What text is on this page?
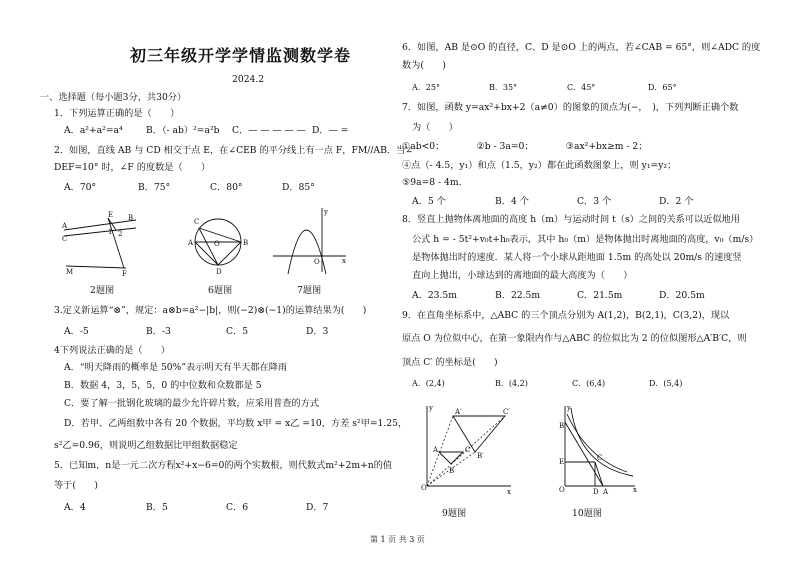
初三年级开学学情监测数学卷
2024.2
一、选择题（每小题3分，共30分）
1．下列运算正确的是（　　）
A．a²+a²=a⁴	B．（- ab）²=a²b C．— — — — — D．— =
2．如图，直线 AB 与 CD 相交于点 E，在∠CEB 的平分线上有一点 F，FM//AB．当∠
DEF=10° 时，∠F 的度数是（　　）
A．70°	B．75°	C．80°	D．85°
A
C
E
1 2
B
M	F
2题图
C
A	O	B
D
6题图
O	x
y
7题图
3.定义新运算“⊗”，规定：a⊗b=a²−|b|，则(−2)⊗(−1)的运算结果为(　　)
A．-5	B．-3	C．5	D．3
4下列说法正确的是（　　）
A．“明天降雨的概率是 50%”表示明天有半天都在降雨
B．数据 4，3，5，5，0 的中位数和众数都是 5
C．要了解一批钢化玻璃的最少允许碎片数，应采用普查的方式
D．若甲、乙两组数中各有 20 个数据，平均数 x甲 = x乙 =10，方差 s²甲=1.25，
s²乙=0.96，则说明乙组数据比甲组数据稳定
5．已知m，n是一元二次方程x²+x−6=0的两个实数根，则代数式m²+2m+n的值
等于(　　)
A．4	B．5	C．6	D．7
6．如图，AB 是⊙O 的直径，C、D 是⊙O 上的两点，若∠CAB = 65°，则∠ADC 的度
数为(　　)
A．25°	B．35°	C．45°	D．65°
7．如图，函数 y=ax²+bx+2（a≠0）的图象的顶点为(−，　)，下列判断正确个数
为（　　）
①ab<0；　　　　②b - 3a=0；　　　　③ax²+bx≥m - 2；
④点（- 4.5，y₁）和点（1.5，y₂）都在此函数图象上，则 y₁=y₂；
⑤9a=8 - 4m.
A．5 个	B．4 个	C．3 个	D．2 个
8．竖直上抛物体离地面的高度 h（m）与运动时间 t（s）之间的关系可以近似地用
公式 h = - 5t²+v₀t+h₀表示，其中 h₀（m）是物体抛出时离地面的高度，v₀（m/s）
是物体抛出时的速度．某人将一个小球从距地面 1.5m 的高处以 20m/s 的速度竖
直向上抛出，小球达到的离地面的最大高度为（　　）
A．23.5m	B．22.5m	C．21.5m	D．20.5m
9．在直角坐标系中，△ABC 的三个顶点分别为 A(1,2)，B(2,1)，C(3,2)，现以
原点 O 为位似中心，在第一象限内作与△ABC 的位似比为 2 的位似图形△A′B′C，则
顶点 C′ 的坐标是(　　)
A．(2,4)	B．(4,2)	C．(6,4)	D．(5,4)
O	x
y	A′	C′
A	C
B
B′
9题图
O
B
E	C
D A	x
y
10题图
第 1 页 共 3 页
